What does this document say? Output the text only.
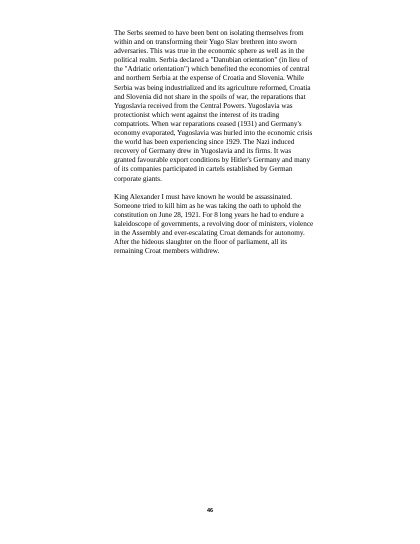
The Serbs seemed to have been bent on isolating themselves from within and on transforming their Yugo Slav brethren into sworn adversaries. This was true in the economic sphere as well as in the political realm. Serbia declared a "Danubian orientation" (in lieu of the "Adriatic orientation") which benefited the economies of central and northern Serbia at the expense of Croatia and Slovenia. While Serbia was being industrialized and its agriculture reformed, Croatia and Slovenia did not share in the spoils of war, the reparations that Yugoslavia received from the Central Powers. Yugoslavia was protectionist which went against the interest of its trading compatriots. When war reparations ceased (1931) and Germany's economy evaporated, Yugoslavia was hurled into the economic crisis the world has been experiencing since 1929. The Nazi induced recovery of Germany drew in Yugoslavia and its firms. It was granted favourable export conditions by Hitler's Germany and many of its companies participated in cartels established by German corporate giants.

King Alexander I must have known he would be assassinated. Someone tried to kill him as he was taking the oath to uphold the constitution on June 28, 1921. For 8 long years he had to endure a kaleidoscope of governments, a revolving door of ministers, violence in the Assembly and ever-escalating Croat demands for autonomy. After the hideous slaughter on the floor of parliament, all its remaining Croat members withdrew.

46
